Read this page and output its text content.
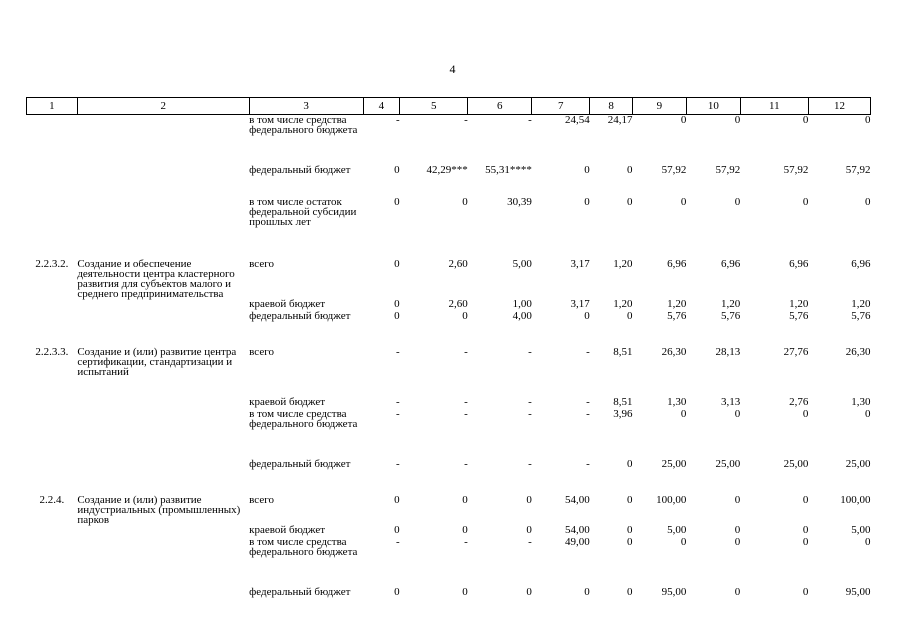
4
1	2	3	4	5	6	7	8	9	10	11	12
		в том числе средства федерального бюджета	-	-	-	24,54	24,17	0	0	0	0
		федеральный бюджет	0	42,29***	55,31****	0	0	57,92	57,92	57,92	57,92
		в том числе остаток федеральной субсидии прошлых лет	0	0	30,39	0	0	0	0	0	0
2.2.3.2.	Создание и обеспечение деятельности центра кластерного развития для субъектов малого и среднего предпринимательства	всего	0	2,60	5,00	3,17	1,20	6,96	6,96	6,96	6,96
		краевой бюджет	0	2,60	1,00	3,17	1,20	1,20	1,20	1,20	1,20
		федеральный бюджет	0	0	4,00	0	0	5,76	5,76	5,76	5,76
2.2.3.3.	Создание и (или) развитие центра сертификации, стандартизации и испытаний	всего	-	-	-	-	8,51	26,30	28,13	27,76	26,30
		краевой бюджет	-	-	-	-	8,51	1,30	3,13	2,76	1,30
		в том числе средства федерального бюджета	-	-	-	-	3,96	0	0	0	0
		федеральный бюджет	-	-	-	-	0	25,00	25,00	25,00	25,00
2.2.4.	Создание и (или) развитие индустриальных (промышленных) парков	всего	0	0	0	54,00	0	100,00	0	0	100,00
		краевой бюджет	0	0	0	54,00	0	5,00	0	0	5,00
		в том числе средства федерального бюджета	-	-	-	49,00	0	0	0	0	0
		федеральный бюджет	0	0	0	0	0	95,00	0	0	95,00
